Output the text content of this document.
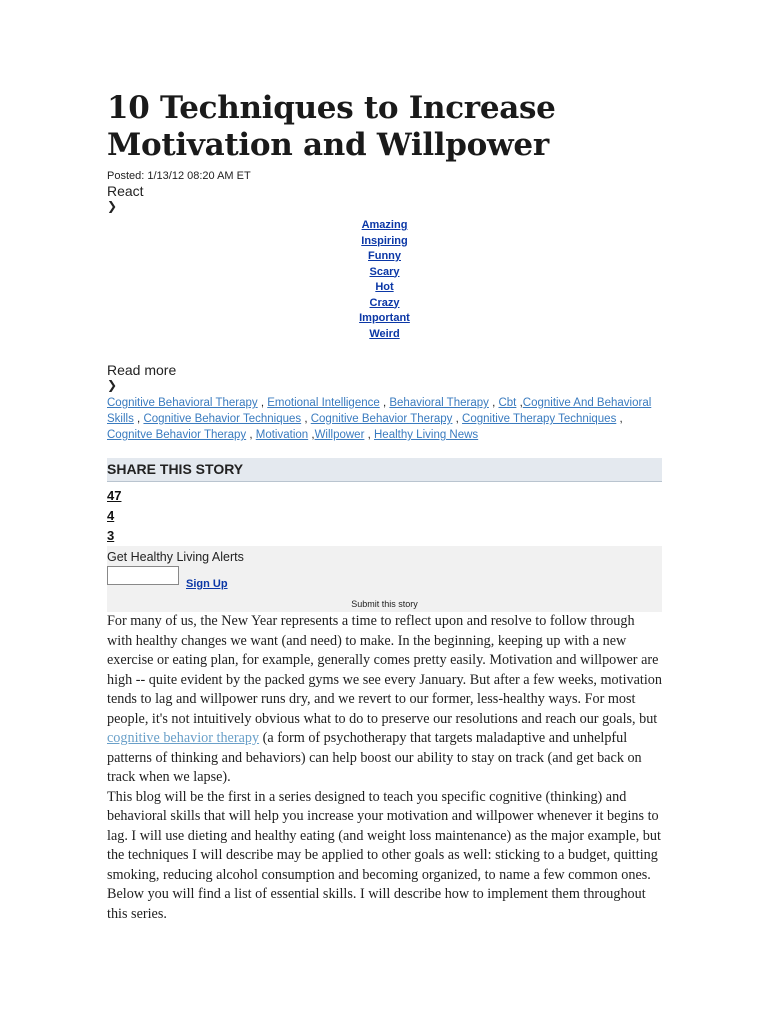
10 Techniques to Increase Motivation and Willpower
Posted: 1/13/12 08:20 AM ET
React
❯
Amazing
Inspiring
Funny
Scary
Hot
Crazy
Important
Weird
Read more
❯
Cognitive Behavioral Therapy , Emotional Intelligence , Behavioral Therapy , Cbt ,Cognitive And Behavioral Skills , Cognitive Behavior Techniques , Cognitive Behavior Therapy , Cognitive Therapy Techniques , Cognitve Behavior Therapy , Motivation ,Willpower , Healthy Living News
SHARE THIS STORY
47
4
3
Get Healthy Living Alerts
Sign Up
Submit this story

For many of us, the New Year represents a time to reflect upon and resolve to follow through with healthy changes we want (and need) to make. In the beginning, keeping up with a new exercise or eating plan, for example, generally comes pretty easily. Motivation and willpower are high -- quite evident by the packed gyms we see every January. But after a few weeks, motivation tends to lag and willpower runs dry, and we revert to our former, less-healthy ways. For most people, it's not intuitively obvious what to do to preserve our resolutions and reach our goals, but cognitive behavior therapy (a form of psychotherapy that targets maladaptive and unhelpful patterns of thinking and behaviors) can help boost our ability to stay on track (and get back on track when we lapse).

This blog will be the first in a series designed to teach you specific cognitive (thinking) and behavioral skills that will help you increase your motivation and willpower whenever it begins to lag. I will use dieting and healthy eating (and weight loss maintenance) as the major example, but the techniques I will describe may be applied to other goals as well: sticking to a budget, quitting smoking, reducing alcohol consumption and becoming organized, to name a few common ones. Below you will find a list of essential skills. I will describe how to implement them throughout this series.
